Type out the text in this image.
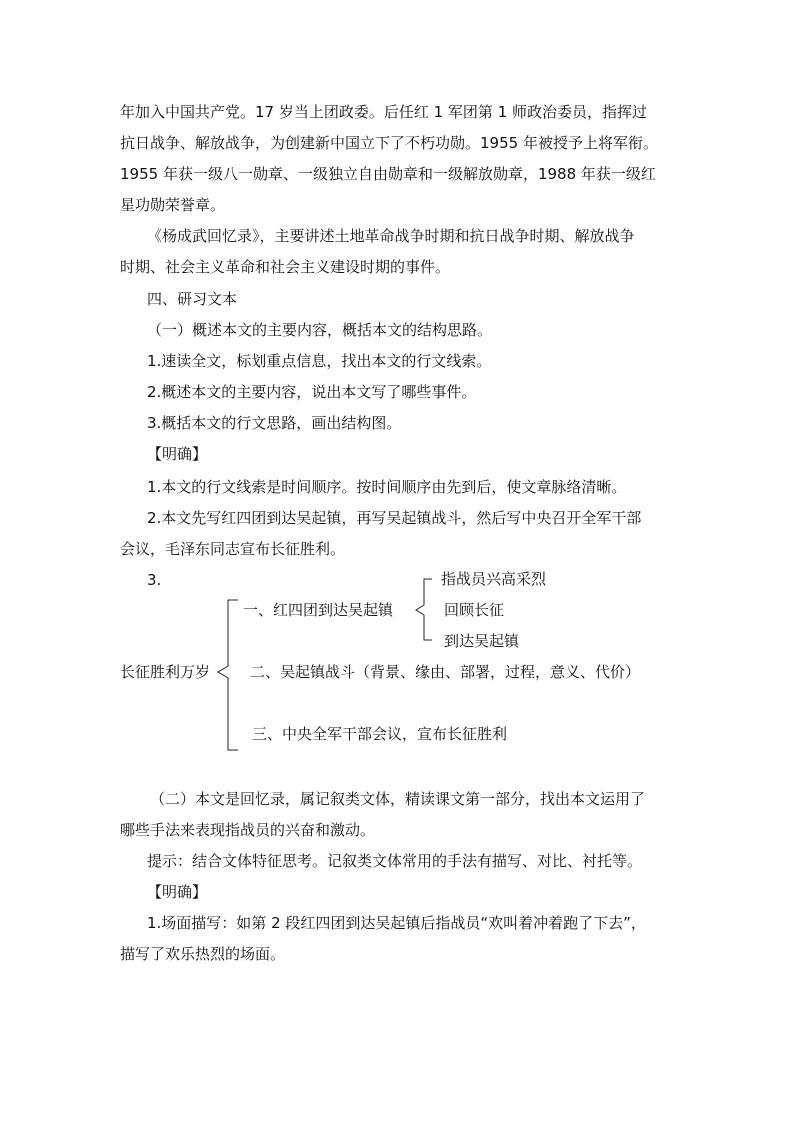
年加入中国共产党。17 岁当上团政委。后任红 1 军团第 1 师政治委员，指挥过
抗日战争、解放战争，为创建新中国立下了不朽功勋。1955 年被授予上将军衔。
1955 年获一级八一勋章、一级独立自由勋章和一级解放勋章，1988 年获一级红
星功勋荣誉章。
《杨成武回忆录》，主要讲述土地革命战争时期和抗日战争时期、解放战争
时期、社会主义革命和社会主义建设时期的事件。
四、研习文本
（一）概述本文的主要内容，概括本文的结构思路。
1.速读全文，标划重点信息，找出本文的行文线索。
2.概述本文的主要内容，说出本文写了哪些事件。
3.概括本文的行文思路，画出结构图。
【明确】
1.本文的行文线索是时间顺序。按时间顺序由先到后，使文章脉络清晰。
2.本文先写红四团到达吴起镇，再写吴起镇战斗，然后写中央召开全军干部
会议，毛泽东同志宣布长征胜利。
3.
长征胜利万岁
一、红四团到达吴起镇
指战员兴高采烈
回顾长征
到达吴起镇
二、吴起镇战斗（背景、缘由、部署，过程，意义、代价）
三、中央全军干部会议，宣布长征胜利
（二）本文是回忆录，属记叙类文体，精读课文第一部分，找出本文运用了
哪些手法来表现指战员的兴奋和激动。
提示：结合文体特征思考。记叙类文体常用的手法有描写、对比、衬托等。
【明确】
1.场面描写：如第 2 段红四团到达吴起镇后指战员“欢叫着冲着跑了下去”，
描写了欢乐热烈的场面。
